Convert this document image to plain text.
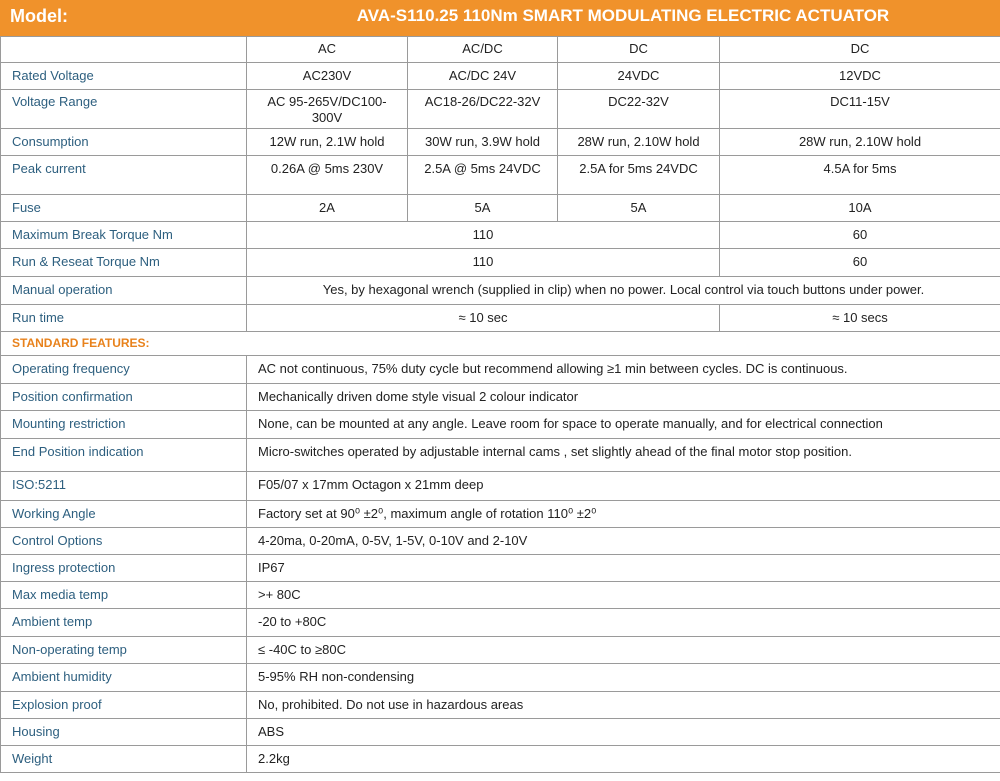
Model:	AVA-S110.25 110Nm SMART MODULATING ELECTRIC ACTUATOR
	AC	AC/DC	DC	DC
Rated Voltage	AC230V	AC/DC 24V	24VDC	12VDC
Voltage Range	AC 95-265V/DC100-300V	AC18-26/DC22-32V	DC22-32V	DC11-15V
Consumption	12W run, 2.1W hold	30W run, 3.9W hold	28W run, 2.10W hold	28W run, 2.10W hold
Peak current	0.26A @ 5ms 230V	2.5A @ 5ms 24VDC	2.5A for 5ms 24VDC	4.5A for 5ms
Fuse	2A	5A	5A	10A
Maximum Break Torque Nm	110			60
Run & Reseat Torque Nm	110			60
Manual operation	Yes, by hexagonal wrench (supplied in clip) when no power. Local control via touch buttons under power.			
Run time	≈ 10 sec			≈ 10 secs
STANDARD FEATURES:				
Operating frequency	AC not continuous, 75% duty cycle but recommend allowing ≥1 min between cycles. DC is continuous.			
Position confirmation	Mechanically driven dome style visual 2 colour indicator			
Mounting restriction	None, can be mounted at any angle. Leave room for space to operate manually, and for electrical connection			
End Position indication	Micro-switches operated by adjustable internal cams , set slightly ahead of the final motor stop position.			
ISO:5211	F05/07 x 17mm Octagon x 21mm deep			
Working Angle	Factory set at 90⁰ ±2⁰, maximum angle of rotation 110⁰ ±2⁰			
Control Options	4-20ma, 0-20mA, 0-5V, 1-5V, 0-10V and 2-10V			
Ingress protection	IP67			
Max media temp	>+ 80C			
Ambient temp	-20 to +80C			
Non-operating temp	≤ -40C to ≥80C			
Ambient humidity	5-95% RH non-condensing			
Explosion proof	No, prohibited. Do not use in hazardous areas			
Housing	ABS			
Weight	2.2kg			
